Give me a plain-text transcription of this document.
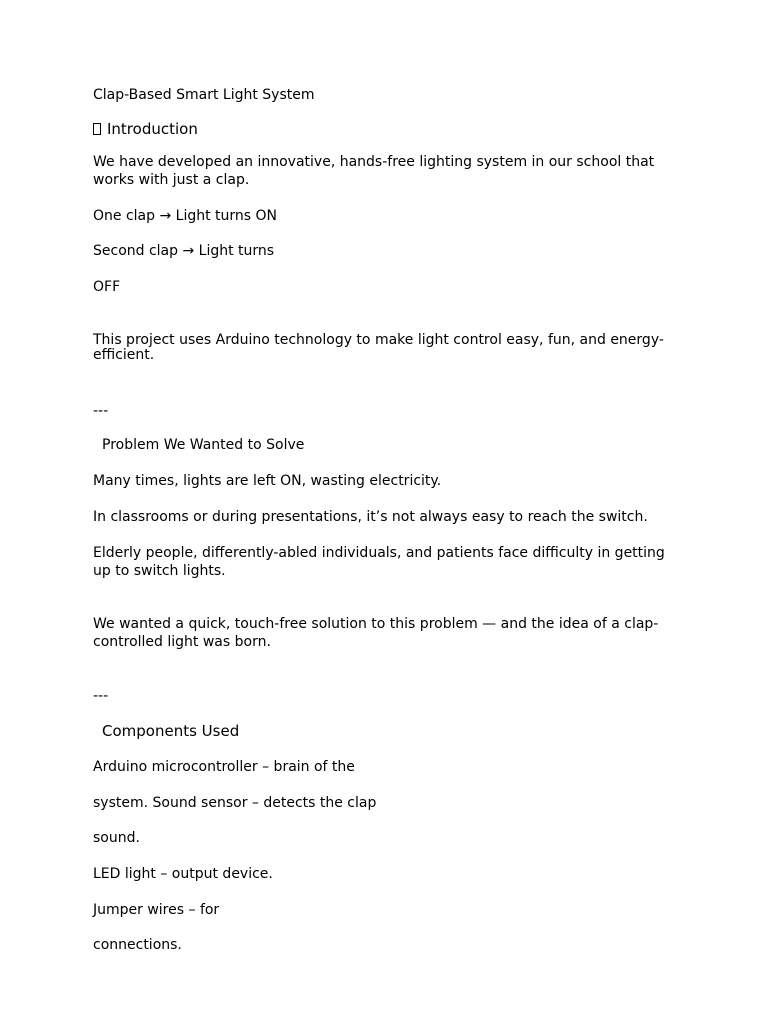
Clap-Based Smart Light System

Introduction

We have developed an innovative, hands-free lighting system in our school that works with just a clap.

One clap → Light turns ON

Second clap → Light turns

OFF

This project uses Arduino technology to make light control easy, fun, and energy-efficient.

---

Problem We Wanted to Solve

Many times, lights are left ON, wasting electricity.

In classrooms or during presentations, it’s not always easy to reach the switch.

Elderly people, differently-abled individuals, and patients face difficulty in getting up to switch lights.

We wanted a quick, touch-free solution to this problem — and the idea of a clap-controlled light was born.

---

Components Used

Arduino microcontroller – brain of the

system. Sound sensor – detects the clap

sound.

LED light – output device.

Jumper wires – for

connections.
